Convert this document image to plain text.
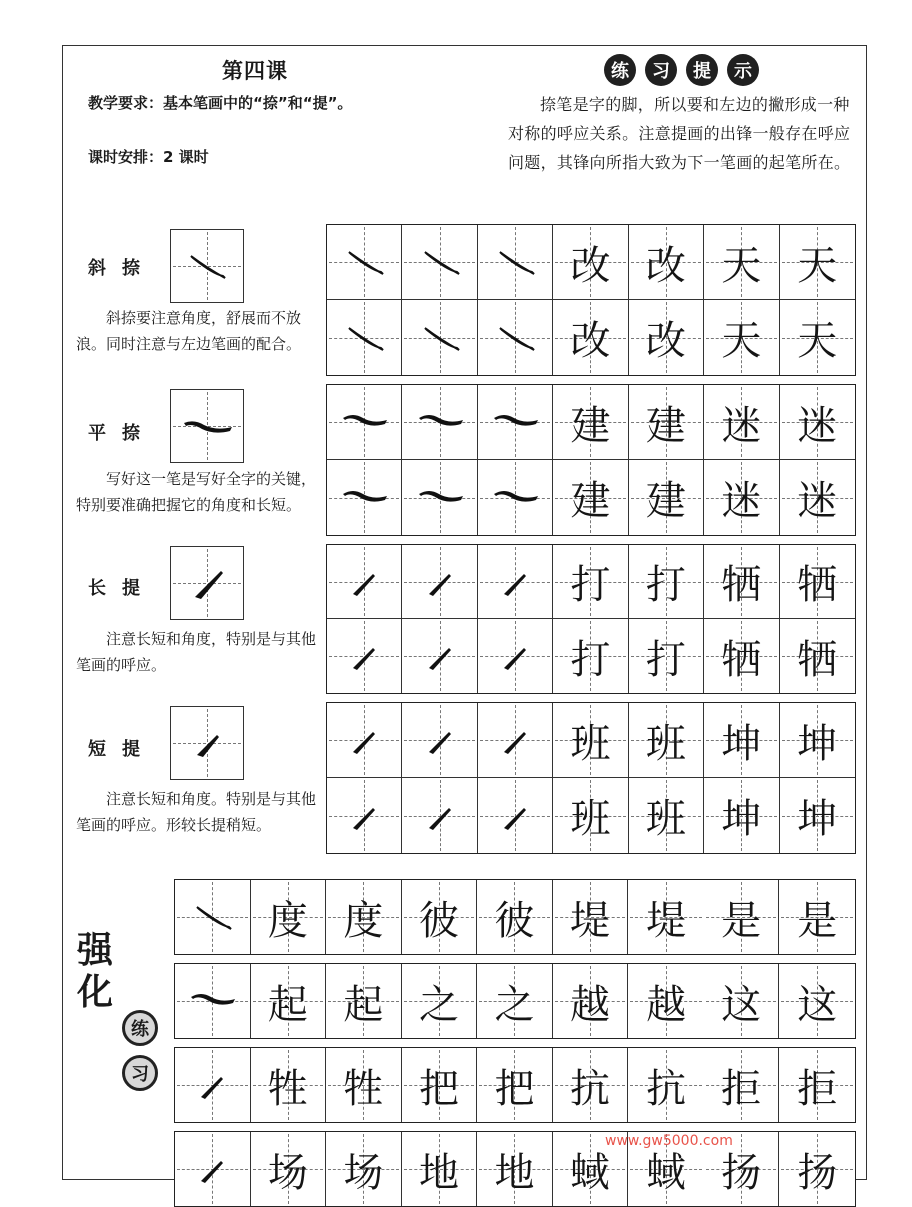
第四课
教学要求：基本笔画中的“捺”和“提”。
课时安排：2 课时
练	习	提	示
捺笔是字的脚，所以要和左边的撇形成一种对称的呼应关系。注意提画的出锋一般存在呼应问题，其锋向所指大致为下一笔画的起笔所在。
斜捺
斜捺要注意角度，舒展而不放浪。同时注意与左边笔画的配合。
平捺
写好这一笔是写好全字的关键，特别要准确把握它的角度和长短。
长提
注意长短和角度，特别是与其他笔画的呼应。
短提
注意长短和角度。特别是与其他笔画的呼应。形较长提稍短。
改 改 天 天
改 改 天 天
建 建 迷 迷
建 建 迷 迷
打 打 牺 牺
打 打 牺 牺
班 班 坤 坤
班 班 坤 坤
强
化
练
习
度 度 彼 彼 堤 堤 是 是
起 起 之 之 越 越 这 这
牲 牲 把 把 抗 抗 拒 拒
场 场 地 地 蜮 蜮 扬 扬
www.gw5000.com
